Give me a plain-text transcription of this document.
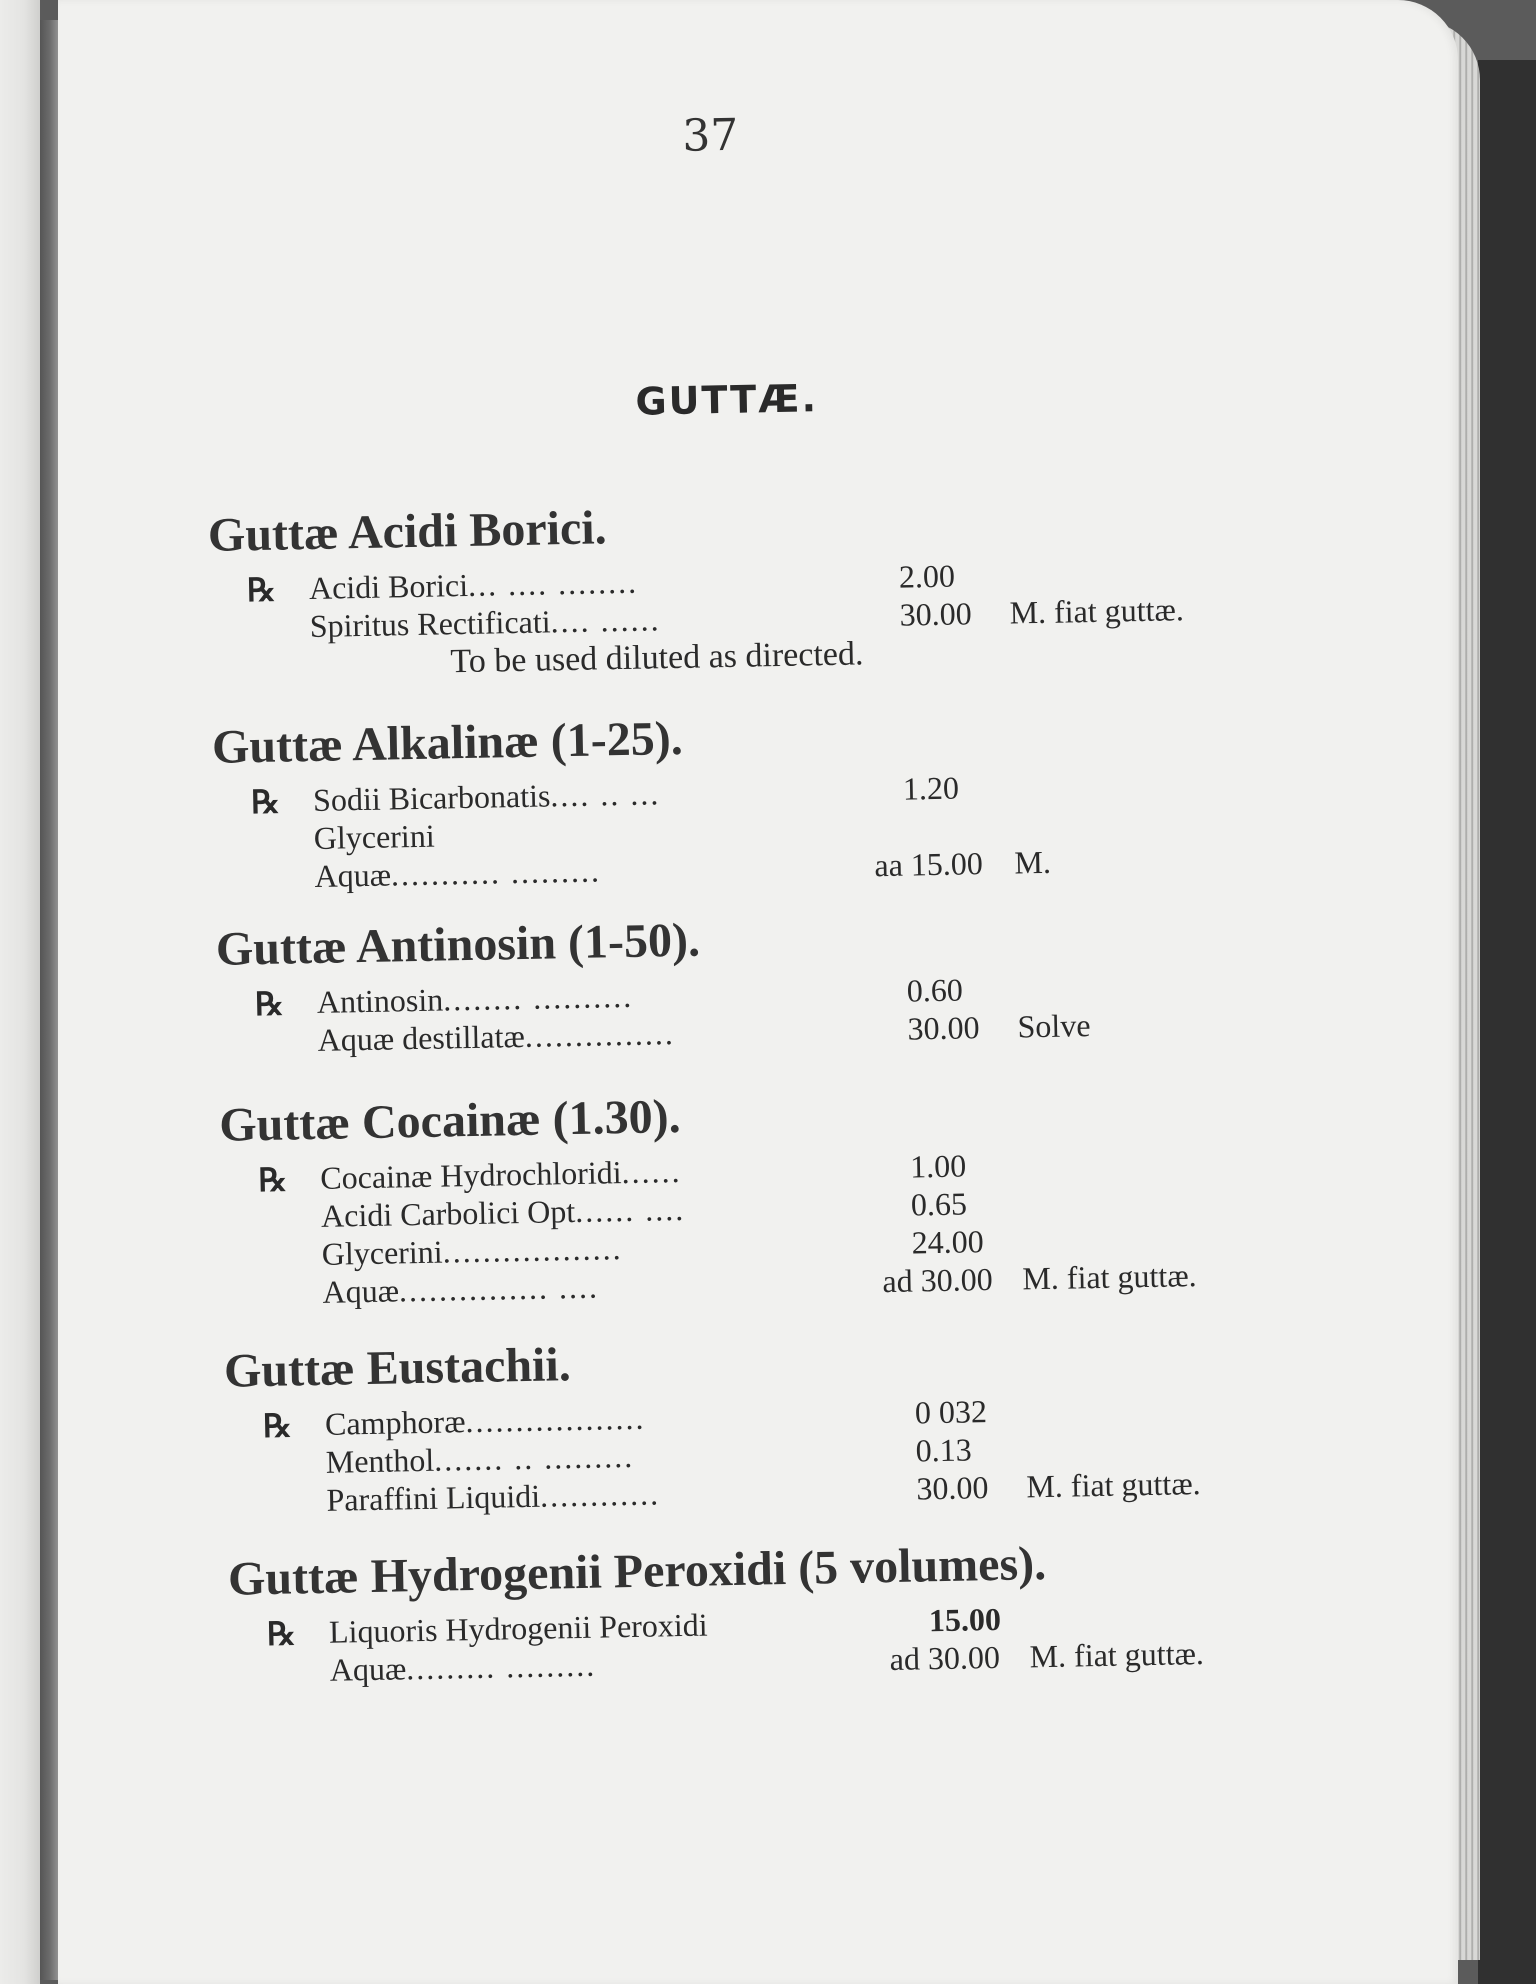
37
GUTTÆ.
Guttæ Acidi Borici.
℞ Acidi Borici... .... ........	2.00
Spiritus Rectificati.... ......	30.00 M. fiat guttæ.
To be used diluted as directed.
Guttæ Alkalinæ (1-25).
℞ Sodii Bicarbonatis.... .. ...	1.20
Glycerini
Aquæ........... .........	aa 15.00 M.
Guttæ Antinosin (1-50).
℞ Antinosin........ ..........	0.60
Aquæ destillatæ...............	30.00 Solve
Guttæ Cocainæ (1.30).
℞ Cocainæ Hydrochloridi......	1.00
Acidi Carbolici Opt...... ....	0.65
Glycerini..................	24.00
Aquæ............... ....	ad 30.00 M. fiat guttæ.
Guttæ Eustachii.
℞ Camphoræ..................	0 032
Menthol....... .. .........	0.13
Paraffini Liquidi............	30.00 M. fiat guttæ.
Guttæ Hydrogenii Peroxidi (5 volumes).
℞ Liquoris Hydrogenii Peroxidi	15.00
Aquæ......... .........	ad 30.00 M. fiat guttæ.
